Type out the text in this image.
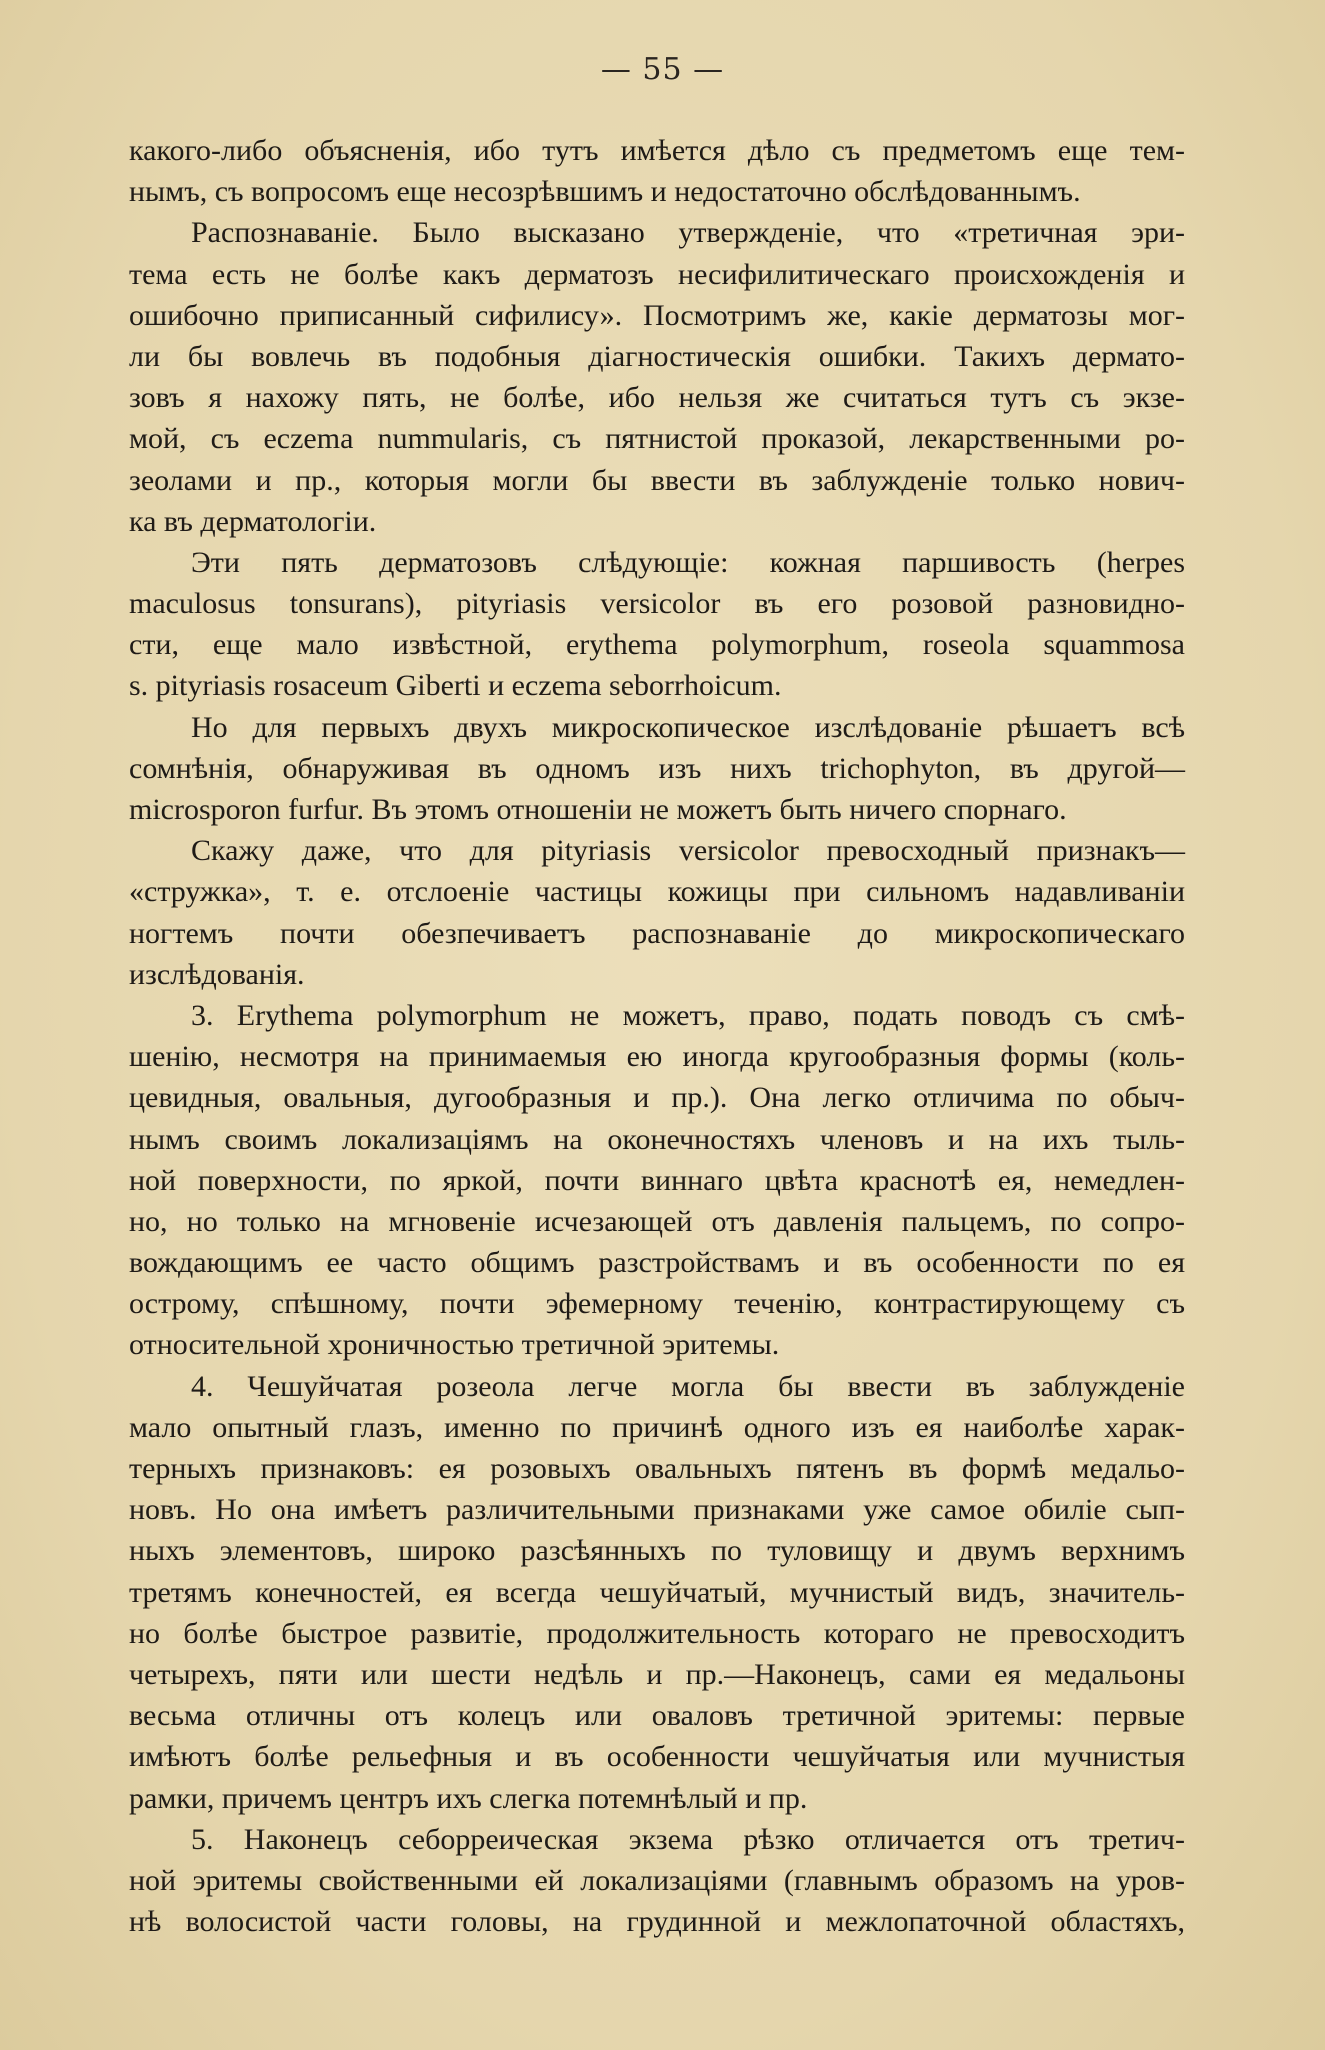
— 55 —
какого-либо объясненія, ибо тутъ имѣется дѣло съ предметомъ еще тем-
нымъ, съ вопросомъ еще несозрѣвшимъ и недостаточно обслѣдованнымъ.
Распознаваніе. Было высказано утвержденіе, что «третичная эри-
тема есть не болѣе какъ дерматозъ несифилитическаго происхожденія и
ошибочно приписанный сифилису». Посмотримъ же, какіе дерматозы мог-
ли бы вовлечь въ подобныя діагностическія ошибки. Такихъ дермато-
зовъ я нахожу пять, не болѣе, ибо нельзя же считаться тутъ съ экзе-
мой, съ eczema nummularis, съ пятнистой проказой, лекарственными ро-
зеолами и пр., которыя могли бы ввести въ заблужденіе только нович-
ка въ дерматологіи.
Эти пять дерматозовъ слѣдующіе: кожная паршивость (herpes
maculosus tonsurans), pityriasis versicolor въ его розовой разновидно-
сти, еще мало извѣстной, erythema polymorphum, roseola squammosa
s. pityriasis rosaceum Giberti и eczema seborrhoicum.
Но для первыхъ двухъ микроскопическое изслѣдованіе рѣшаетъ всѣ
сомнѣнія, обнаруживая въ одномъ изъ нихъ trichophyton, въ другой—
microsporon furfur. Въ этомъ отношеніи не можетъ быть ничего спорнаго.
Скажу даже, что для pityriasis versicolor превосходный признакъ—
«стружка», т. е. отслоеніе частицы кожицы при сильномъ надавливаніи
ногтемъ почти обезпечиваетъ распознаваніе до микроскопическаго
изслѣдованія.
3. Erythema polymorphum не можетъ, право, подать поводъ съ смѣ-
шенію, несмотря на принимаемыя ею иногда кругообразныя формы (коль-
цевидныя, овальныя, дугообразныя и пр.). Она легко отличима по обыч-
нымъ своимъ локализаціямъ на оконечностяхъ членовъ и на ихъ тыль-
ной поверхности, по яркой, почти виннаго цвѣта краснотѣ ея, немедлен-
но, но только на мгновеніе исчезающей отъ давленія пальцемъ, по сопро-
вождающимъ ее часто общимъ разстройствамъ и въ особенности по ея
острому, спѣшному, почти эфемерному теченію, контрастирующему съ
относительной хроничностью третичной эритемы.
4. Чешуйчатая розеола легче могла бы ввести въ заблужденіе
мало опытный глазъ, именно по причинѣ одного изъ ея наиболѣе харак-
терныхъ признаковъ: ея розовыхъ овальныхъ пятенъ въ формѣ медальо-
новъ. Но она имѣетъ различительными признаками уже самое обиліе сып-
ныхъ элементовъ, широко разсѣянныхъ по туловищу и двумъ верхнимъ
третямъ конечностей, ея всегда чешуйчатый, мучнистый видъ, значитель-
но болѣе быстрое развитіе, продолжительность котораго не превосходитъ
четырехъ, пяти или шести недѣль и пр.—Наконецъ, сами ея медальоны
весьма отличны отъ колецъ или оваловъ третичной эритемы: первые
имѣютъ болѣе рельефныя и въ особенности чешуйчатыя или мучнистыя
рамки, причемъ центръ ихъ слегка потемнѣлый и пр.
5. Наконецъ себорреическая экзема рѣзко отличается отъ третич-
ной эритемы свойственными ей локализаціями (главнымъ образомъ на уров-
нѣ волосистой части головы, на грудинной и межлопаточной областяхъ,
